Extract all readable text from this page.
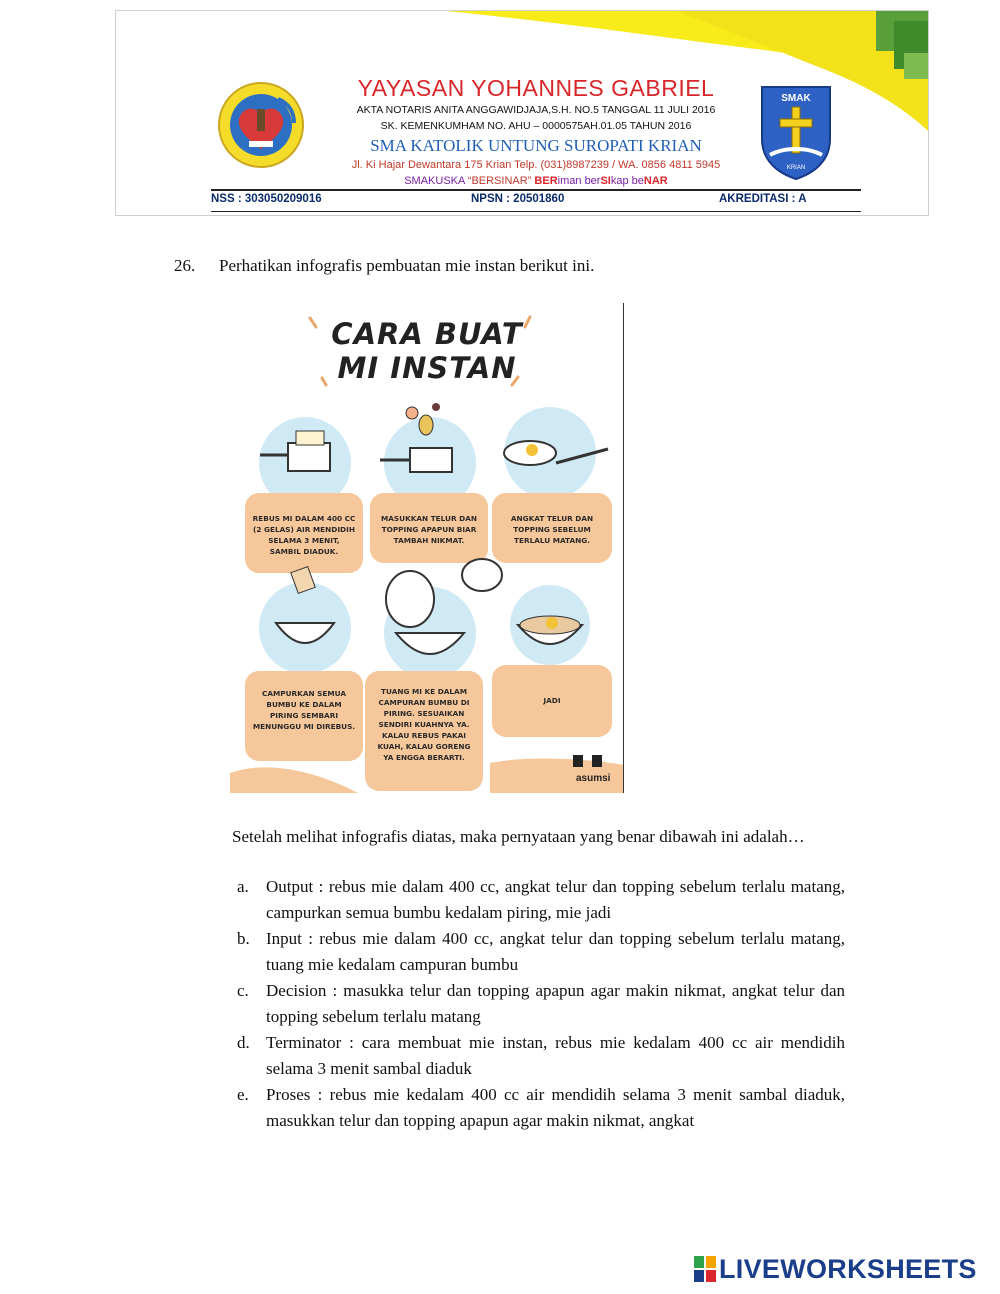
SMAK
KRIAN
YAYASAN YOHANNES GABRIEL
AKTA NOTARIS ANITA ANGGAWIDJAJA,S.H. NO.5 TANGGAL 11 JULI 2016
SK. KEMENKUMHAM NO. AHU – 0000575AH.01.05 TAHUN 2016
SMA KATOLIK UNTUNG SUROPATI KRIAN
Jl. Ki Hajar Dewantara 175 Krian Telp. (031)8987239 / WA. 0856 4811 5945
SMAKUSKA “BERSINAR” BERiman berSIkap beNAR
NSS : 303050209016	NPSN : 20501860	AKREDITASI : A
26. Perhatikan infografis pembuatan mie instan berikut ini.
CARA BUAT
MI INSTAN
REBUS MI DALAM 400 CC (2 GELAS) AIR MENDIDIH SELAMA 3 MENIT, SAMBIL DIADUK.
MASUKKAN TELUR DAN TOPPING APAPUN BIAR TAMBAH NIKMAT.
ANGKAT TELUR DAN TOPPING SEBELUM TERLALU MATANG.
CAMPURKAN SEMUA BUMBU KE DALAM PIRING SEMBARI MENUNGGU MI DIREBUS.
TUANG MI KE DALAM CAMPURAN BUMBU DI PIRING. SESUAIKAN SENDIRI KUAHNYA YA. KALAU REBUS PAKAI KUAH, KALAU GORENG YA ENGGA BERARTI.
JADI
asumsi
Setelah melihat infografis diatas, maka pernyataan yang benar dibawah ini adalah…
a. Output : rebus mie dalam 400 cc, angkat telur dan topping sebelum terlalu matang, campurkan semua bumbu kedalam piring, mie jadi
b. Input : rebus mie dalam 400 cc, angkat telur dan topping sebelum terlalu matang, tuang mie kedalam campuran bumbu
c. Decision : masukka telur dan topping apapun agar makin nikmat, angkat telur dan topping sebelum terlalu matang
d. Terminator : cara membuat mie instan, rebus mie kedalam 400 cc air mendidih selama 3 menit sambal diaduk
e. Proses : rebus mie kedalam 400 cc air mendidih selama 3 menit sambal diaduk, masukkan telur dan topping apapun agar makin nikmat, angkat
LIVEWORKSHEETS
